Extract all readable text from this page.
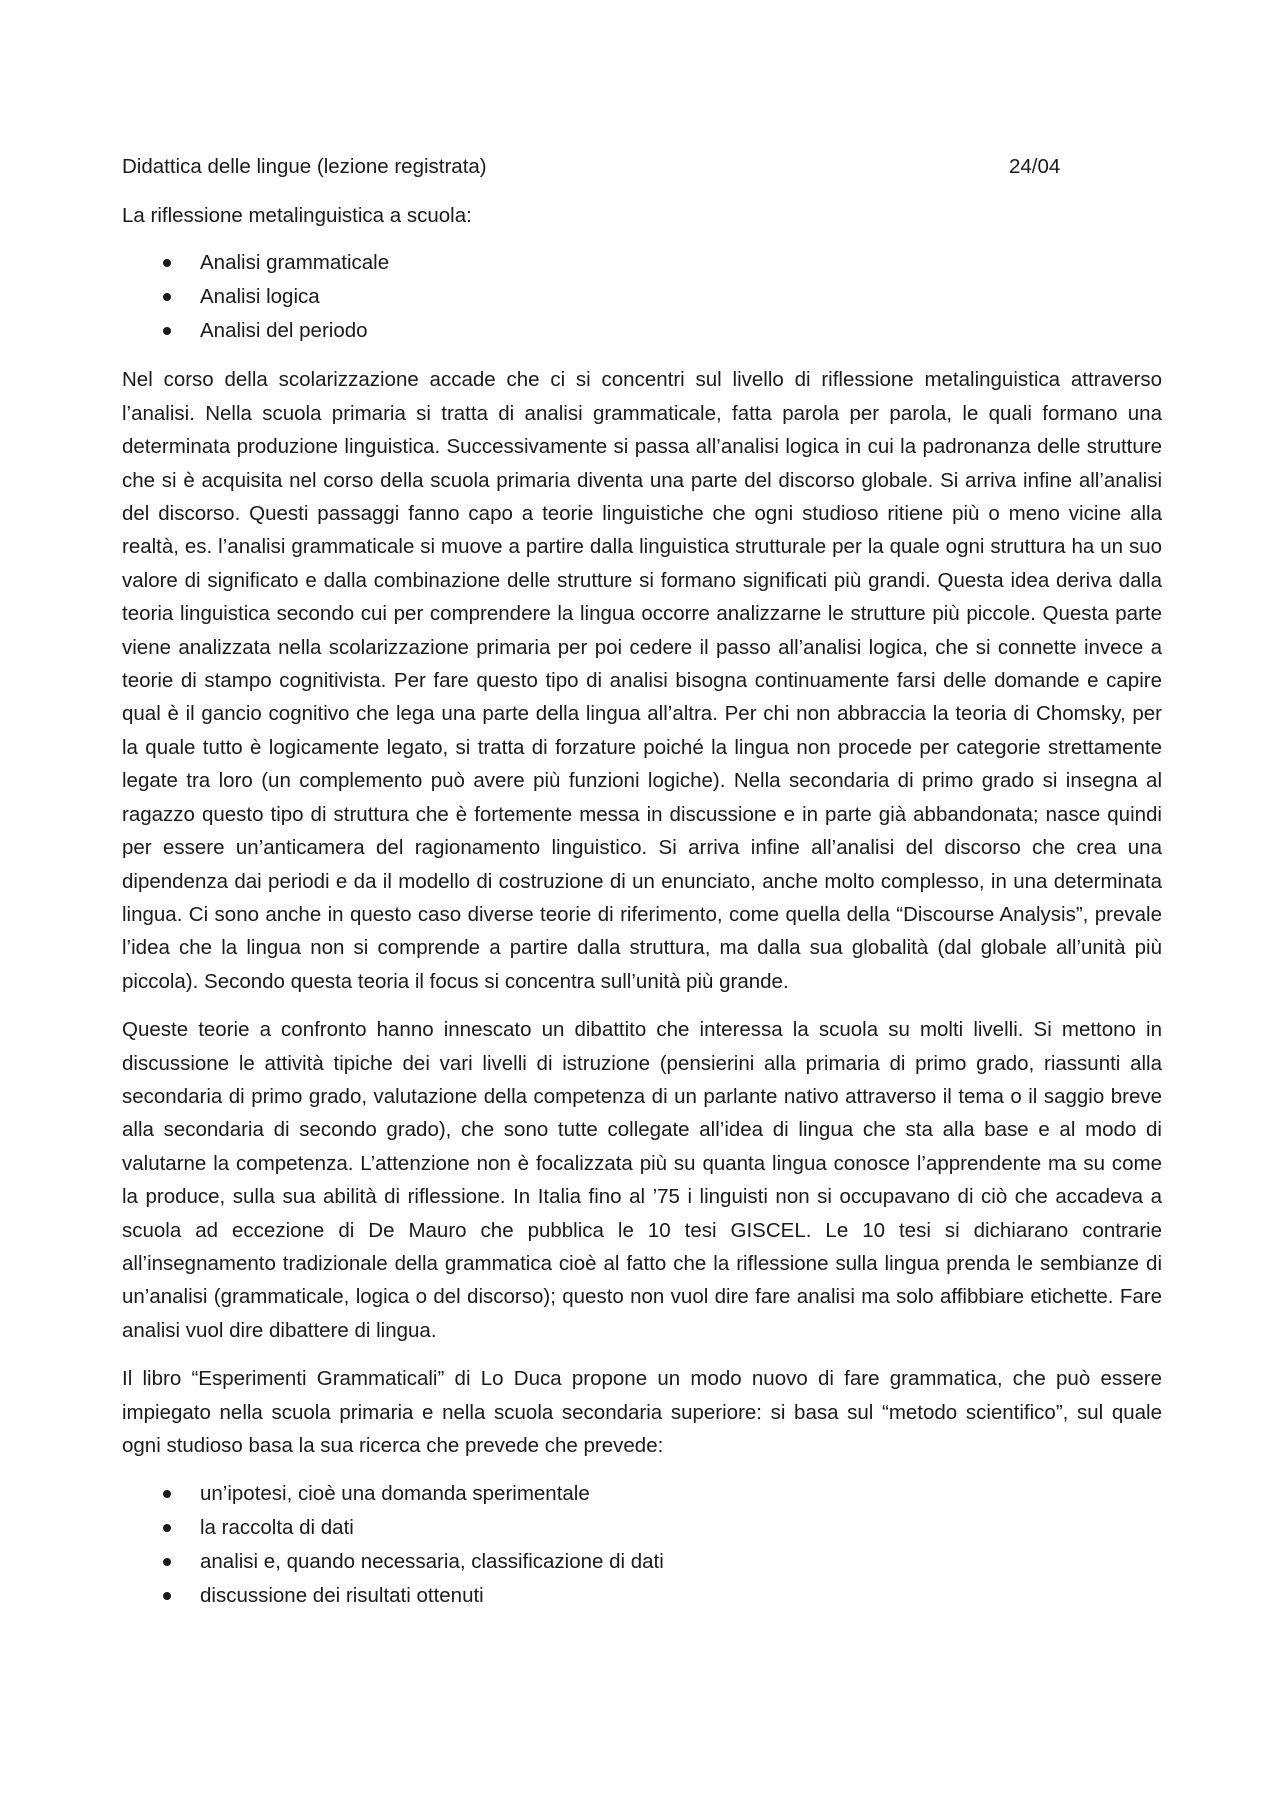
Didattica delle lingue (lezione registrata)	24/04

La riflessione metalinguistica a scuola:

Analisi grammaticale
Analisi logica
Analisi del periodo

Nel corso della scolarizzazione accade che ci si concentri sul livello di riflessione metalinguistica attraverso l’analisi. Nella scuola primaria si tratta di analisi grammaticale, fatta parola per parola, le quali formano una determinata produzione linguistica. Successivamente si passa all’analisi logica in cui la padronanza delle strutture che si è acquisita nel corso della scuola primaria diventa una parte del discorso globale. Si arriva infine all’analisi del discorso. Questi passaggi fanno capo a teorie linguistiche che ogni studioso ritiene più o meno vicine alla realtà, es. l’analisi grammaticale si muove a partire dalla linguistica strutturale per la quale ogni struttura ha un suo valore di significato e dalla combinazione delle strutture si formano significati più grandi. Questa idea deriva dalla teoria linguistica secondo cui per comprendere la lingua occorre analizzarne le strutture più piccole. Questa parte viene analizzata nella scolarizzazione primaria per poi cedere il passo all’analisi logica, che si connette invece a teorie di stampo cognitivista. Per fare questo tipo di analisi bisogna continuamente farsi delle domande e capire qual è il gancio cognitivo che lega una parte della lingua all’altra. Per chi non abbraccia la teoria di Chomsky, per la quale tutto è logicamente legato, si tratta di forzature poiché la lingua non procede per categorie strettamente legate tra loro (un complemento può avere più funzioni logiche). Nella secondaria di primo grado si insegna al ragazzo questo tipo di struttura che è fortemente messa in discussione e in parte già abbandonata; nasce quindi per essere un’anticamera del ragionamento linguistico. Si arriva infine all’analisi del discorso che crea una dipendenza dai periodi e da il modello di costruzione di un enunciato, anche molto complesso, in una determinata lingua. Ci sono anche in questo caso diverse teorie di riferimento, come quella della “Discourse Analysis”, prevale l’idea che la lingua non si comprende a partire dalla struttura, ma dalla sua globalità (dal globale all’unità più piccola). Secondo questa teoria il focus si concentra sull’unità più grande.

Queste teorie a confronto hanno innescato un dibattito che interessa la scuola su molti livelli. Si mettono in discussione le attività tipiche dei vari livelli di istruzione (pensierini alla primaria di primo grado, riassunti alla secondaria di primo grado, valutazione della competenza di un parlante nativo attraverso il tema o il saggio breve alla secondaria di secondo grado), che sono tutte collegate all’idea di lingua che sta alla base e al modo di valutarne la competenza. L’attenzione non è focalizzata più su quanta lingua conosce l’apprendente ma su come la produce, sulla sua abilità di riflessione. In Italia fino al ’75 i linguisti non si occupavano di ciò che accadeva a scuola ad eccezione di De Mauro che pubblica le 10 tesi GISCEL. Le 10 tesi si dichiarano contrarie all’insegnamento tradizionale della grammatica cioè al fatto che la riflessione sulla lingua prenda le sembianze di un’analisi (grammaticale, logica o del discorso); questo non vuol dire fare analisi ma solo affibbiare etichette. Fare analisi vuol dire dibattere di lingua.

Il libro “Esperimenti Grammaticali” di Lo Duca propone un modo nuovo di fare grammatica, che può essere impiegato nella scuola primaria e nella scuola secondaria superiore: si basa sul “metodo scientifico”, sul quale ogni studioso basa la sua ricerca che prevede che prevede:

un’ipotesi, cioè una domanda sperimentale
la raccolta di dati
analisi e, quando necessaria, classificazione di dati
discussione dei risultati ottenuti
